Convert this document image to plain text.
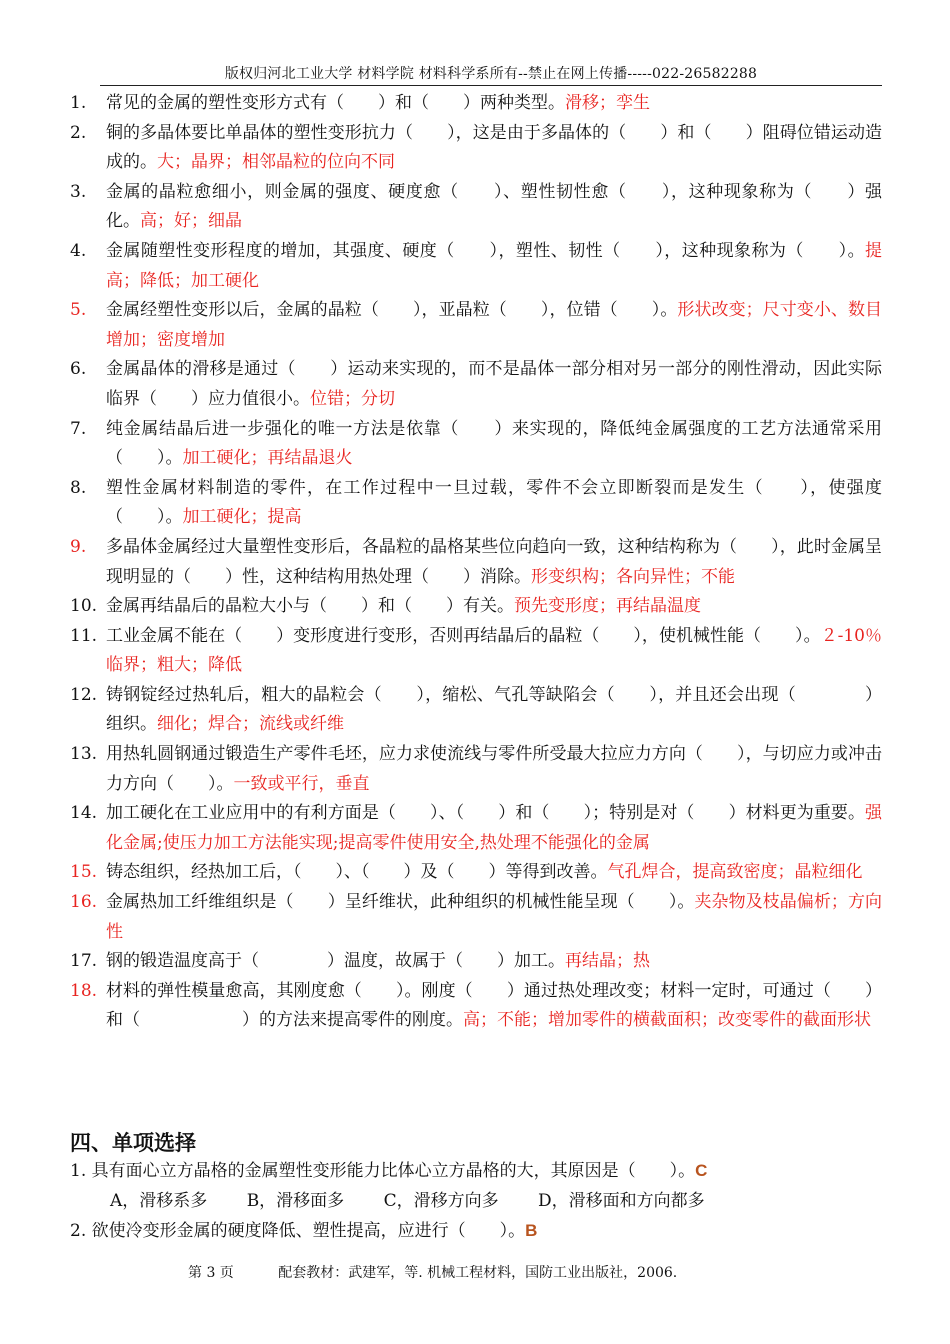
版权归河北工业大学 材料学院 材料科学系所有--禁止在网上传播-----022-26582288
1.	常见的金属的塑性变形方式有（　　）和（　　）两种类型。滑移；孪生
2.	铜的多晶体要比单晶体的塑性变形抗力（　　），这是由于多晶体的（　　）和（　　）阻碍位错运动造成的。大；晶界；相邻晶粒的位向不同
3.	金属的晶粒愈细小，则金属的强度、硬度愈（　　）、塑性韧性愈（　　），这种现象称为（　　）强化。高；好；细晶
4.	金属随塑性变形程度的增加，其强度、硬度（　　），塑性、韧性（　　），这种现象称为（　　）。提高；降低；加工硬化
5.	金属经塑性变形以后，金属的晶粒（　　），亚晶粒（　　），位错（　　）。形状改变；尺寸变小、数目增加；密度增加
6.	金属晶体的滑移是通过（　　）运动来实现的，而不是晶体一部分相对另一部分的刚性滑动，因此实际临界（　　）应力值很小。位错；分切
7.	纯金属结晶后进一步强化的唯一方法是依靠（　　）来实现的，降低纯金属强度的工艺方法通常采用（　　）。加工硬化；再结晶退火
8.	塑性金属材料制造的零件，在工作过程中一旦过载，零件不会立即断裂而是发生（　　），使强度（　　）。加工硬化；提高
9.	多晶体金属经过大量塑性变形后，各晶粒的晶格某些位向趋向一致，这种结构称为（　　），此时金属呈现明显的（　　）性，这种结构用热处理（　　）消除。形变织构；各向异性；不能
10. 金属再结晶后的晶粒大小与（　　）和（　　）有关。预先变形度；再结晶温度
11. 工业金属不能在（　　）变形度进行变形，否则再结晶后的晶粒（　　），使机械性能（　　）。２-10％临界；粗大；降低
12. 铸钢锭经过热轧后，粗大的晶粒会（　　），缩松、气孔等缺陷会（　　），并且还会出现（　　　　）组织。细化；焊合；流线或纤维
13. 用热轧圆钢通过锻造生产零件毛坯，应力求使流线与零件所受最大拉应力方向（　　），与切应力或冲击力方向（　　）。一致或平行，垂直
14. 加工硬化在工业应用中的有利方面是（　　）、（　　）和（　　）；特别是对（　　）材料更为重要。强化金属;使压力加工方法能实现;提高零件使用安全,热处理不能强化的金属
15. 铸态组织，经热加工后，（　　）、（　　）及（　　）等得到改善。气孔焊合，提高致密度；晶粒细化
16. 金属热加工纤维组织是（　　）呈纤维状，此种组织的机械性能呈现（　　）。夹杂物及枝晶偏析；方向性
17. 钢的锻造温度高于（　　　　）温度，故属于（　　）加工。再结晶；热
18. 材料的弹性模量愈高，其刚度愈（　　）。刚度（　　）通过热处理改变；材料一定时，可通过（　　）和（　　　　　　）的方法来提高零件的刚度。高；不能；增加零件的横截面积；改变零件的截面形状
四、单项选择
1. 具有面心立方晶格的金属塑性变形能力比体心立方晶格的大，其原因是（　　）。C
A，滑移系多 B，滑移面多 C，滑移方向多 D，滑移面和方向都多
2. 欲使冷变形金属的硬度降低、塑性提高，应进行（　　）。B
第 3 页	配套教材：武建军，等. 机械工程材料，国防工业出版社，2006.
